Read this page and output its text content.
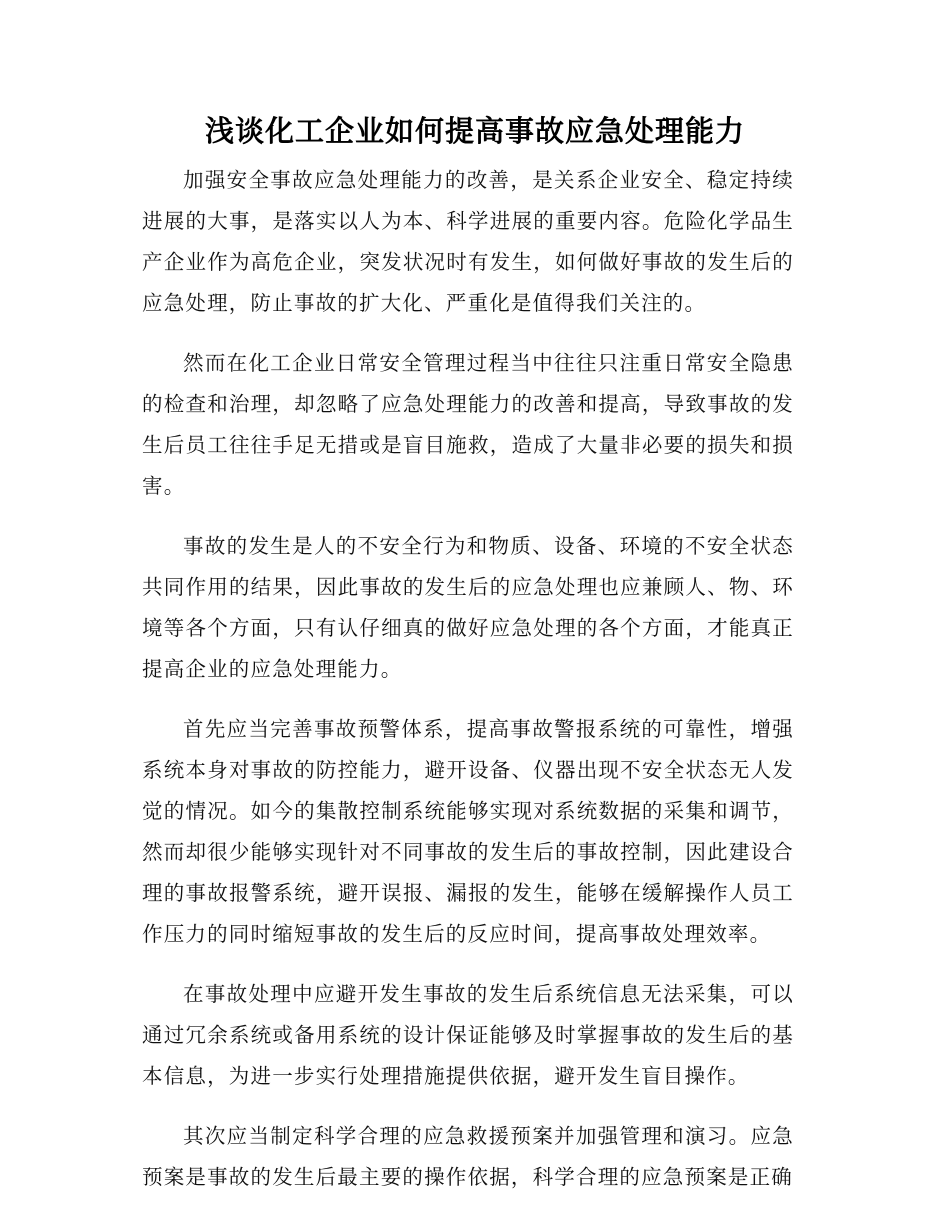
浅谈化工企业如何提高事故应急处理能力

加强安全事故应急处理能力的改善，是关系企业安全、稳定持续进展的大事，是落实以人为本、科学进展的重要内容。危险化学品生产企业作为高危企业，突发状况时有发生，如何做好事故的发生后的应急处理，防止事故的扩大化、严重化是值得我们关注的。

然而在化工企业日常安全管理过程当中往往只注重日常安全隐患的检查和治理，却忽略了应急处理能力的改善和提高，导致事故的发生后员工往往手足无措或是盲目施救，造成了大量非必要的损失和损害。

事故的发生是人的不安全行为和物质、设备、环境的不安全状态共同作用的结果，因此事故的发生后的应急处理也应兼顾人、物、环境等各个方面，只有认仔细真的做好应急处理的各个方面，才能真正提高企业的应急处理能力。

首先应当完善事故预警体系，提高事故警报系统的可靠性，增强系统本身对事故的防控能力，避开设备、仪器出现不安全状态无人发觉的情况。如今的集散控制系统能够实现对系统数据的采集和调节，然而却很少能够实现针对不同事故的发生后的事故控制，因此建设合理的事故报警系统，避开误报、漏报的发生，能够在缓解操作人员工作压力的同时缩短事故的发生后的反应时间，提高事故处理效率。

在事故处理中应避开发生事故的发生后系统信息无法采集，可以通过冗余系统或备用系统的设计保证能够及时掌握事故的发生后的基本信息，为进一步实行处理措施提供依据，避开发生盲目操作。

其次应当制定科学合理的应急救援预案并加强管理和演习。应急预案是事故的发生后最主要的操作依据，科学合理的应急预案是正确
